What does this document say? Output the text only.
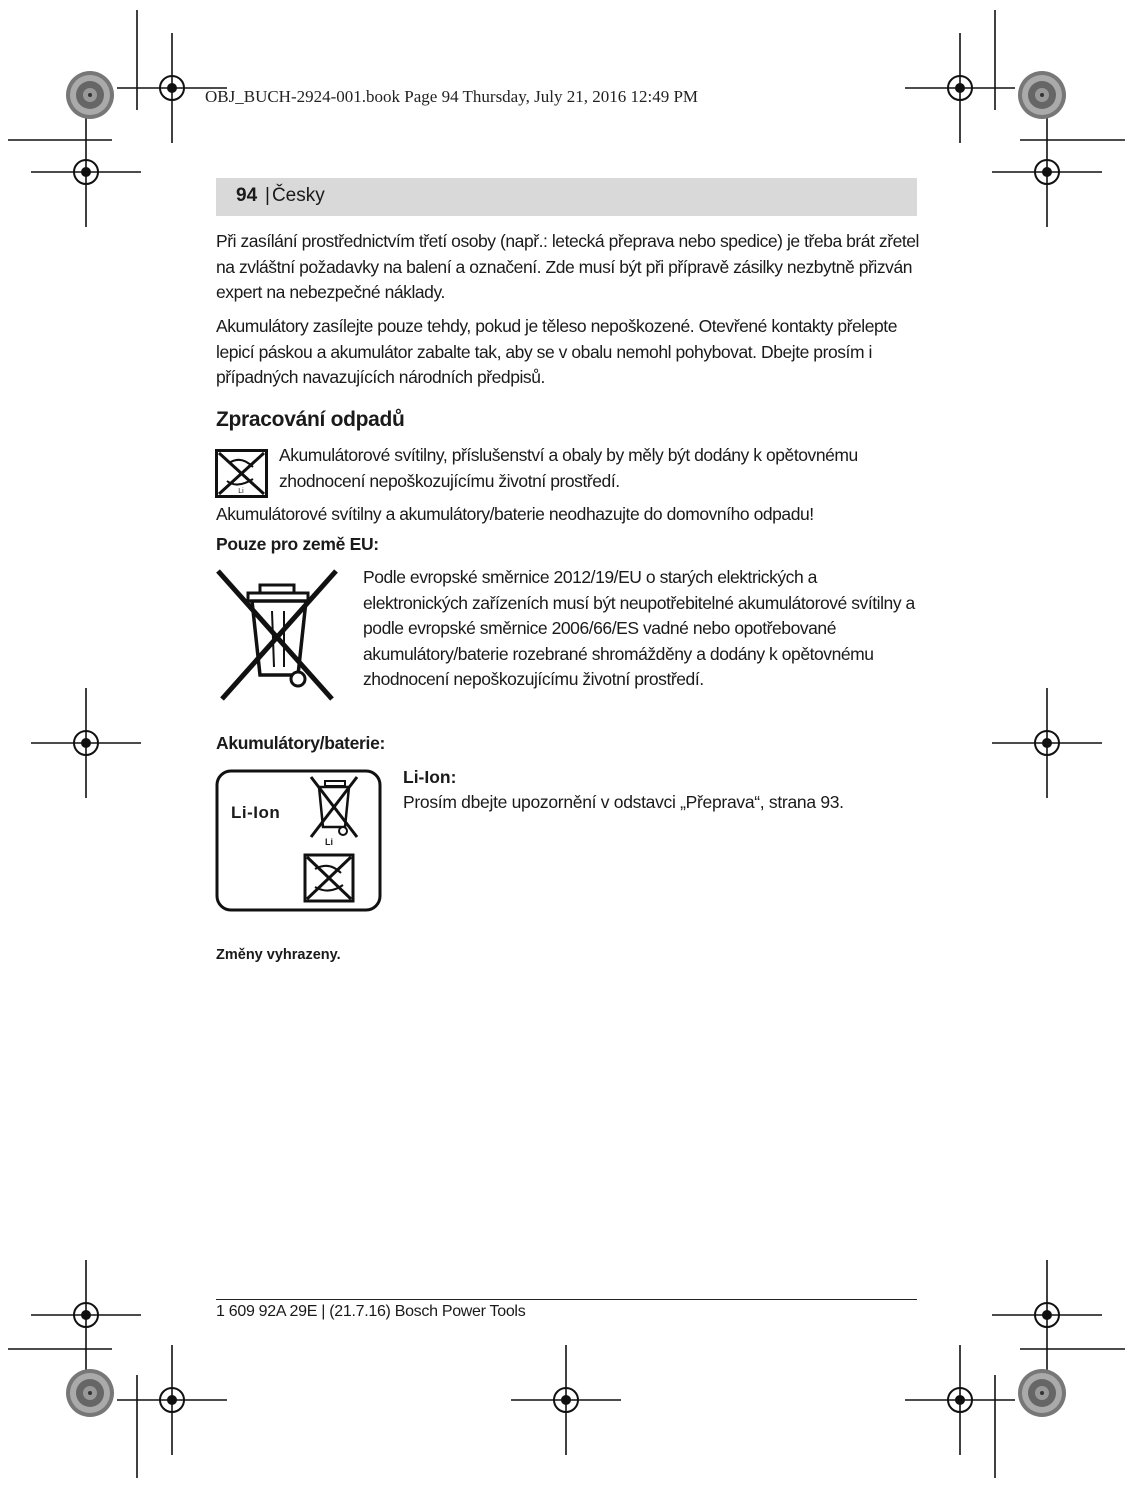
OBJ_BUCH-2924-001.book Page 94 Thursday, July 21, 2016 12:49 PM
94
| Česky

Při zasílání prostřednictvím třetí osoby (např.: letecká přeprava nebo spedice) je třeba brát zřetel na zvláštní požadavky na balení a označení. Zde musí být při přípravě zásilky nezbytně přizván expert na nebezpečné náklady.

Akumulátory zasílejte pouze tehdy, pokud je těleso nepoškozené. Otevřené kontakty přelepte lepicí páskou a akumulátor zabalte tak, aby se v obalu nemohl pohybovat. Dbejte prosím i případných navazujících národních předpisů.

Zpracování odpadů
Li

Akumulátorové svítilny, příslušenství a obaly by měly být dodány k opětovnému zhodnocení nepoškozujícímu životní prostředí.

Akumulátorové svítilny a akumulátory/baterie neodhazujte do domovního odpadu!

Pouze pro země EU:

Podle evropské směrnice 2012/19/EU o starých elektrických a elektronických zařízeních musí být neupotřebitelné akumulátorové svítilny a podle evropské směrnice 2006/66/ES vadné nebo opotřebované akumulátory/baterie rozebrané shromážděny a dodány k opětovnému zhodnocení nepoškozujícímu životní prostředí.

Akumulátory/baterie:
Li-Ion
Li
Li-Ion:

Prosím dbejte upozornění v odstavci „Přeprava“, strana 93.

Změny vyhrazeny.

1 609 92A 29E | (21.7.16) Bosch Power Tools
